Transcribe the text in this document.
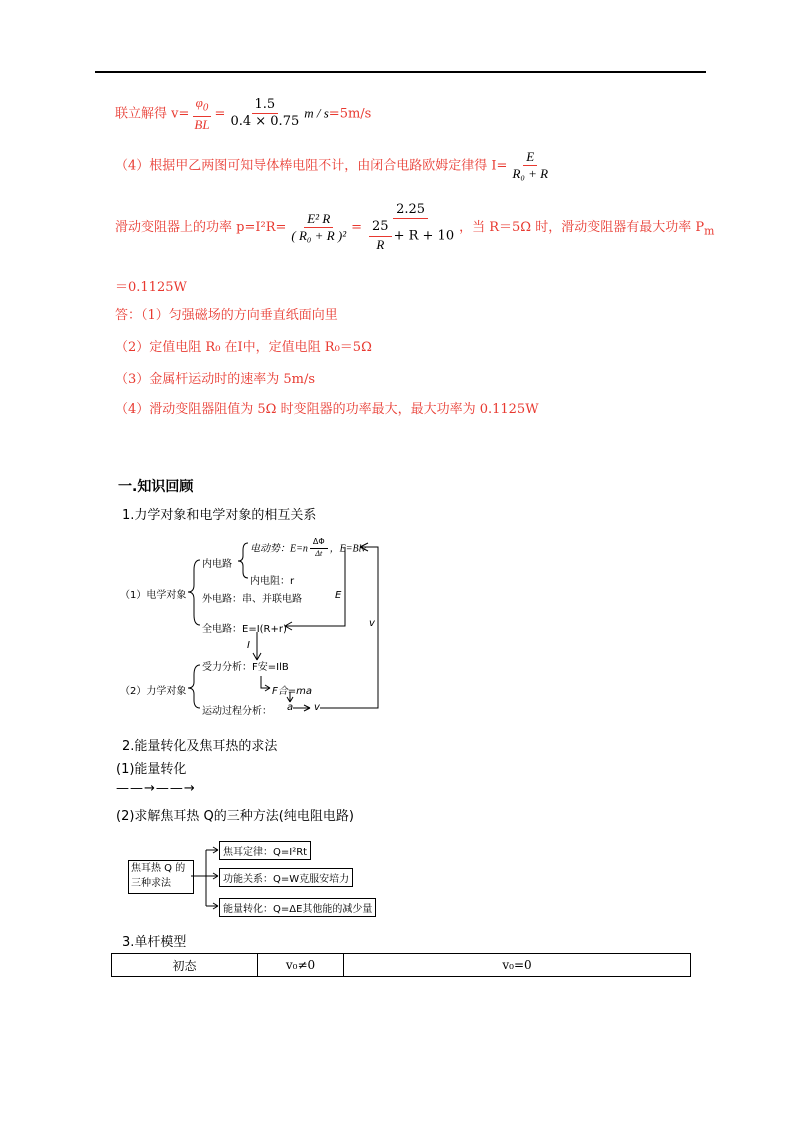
联立解得 $v= \frac{\varphi_0}{BL} = \frac{1.5}{0.4 \times 0.75}$ m / s=5m/s
（4）根据甲乙两图可知导体棒电阻不计，由闭合电路欧姆定律得 $I= \frac{E}{\text{R₀ + R}}$
滑动变阻器上的功率 $p=I^2R= \frac{\text{E² R}}{\text{( R₀ + R )²}} = \frac{2.25}{\frac{25}{R} + R + 10}$ ，当 R＝5Ω 时，滑动变阻器有最大功率 $P_m$
＝0.1125W
答：（1）匀强磁场的方向垂直纸面向里
（2）定值电阻 R₀ 在Ⅰ中，定值电阻 R₀＝5Ω
（3）金属杆运动时的速率为 5m/s
（4）滑动变阻器阻值为 5Ω 时变阻器的功率最大，最大功率为 0.1125W
一.知识回顾
1.力学对象和电学对象的相互关系
（1）电学对象
内电路
电动势：$E=n \frac{\Delta\Phi}{\Delta t}$ ，E=Blv
内电阻：r
外电路：串、并联电路	E
全电路：E=I(R+r)
I
v
（2）力学对象
受力分析：F安=IlB
F合=ma
运动过程分析： a v
2.能量转化及焦耳热的求法
(1)能量转化
——→——→
(2)求解焦耳热 Q的三种方法(纯电阻电路)
焦耳热 Q 的三种求法
焦耳定律：Q=I²Rt
功能关系：Q=W克服安培力
能量转化：Q=ΔE其他能的减少量
3.单杆模型
初态	v₀≠0	v₀=0
